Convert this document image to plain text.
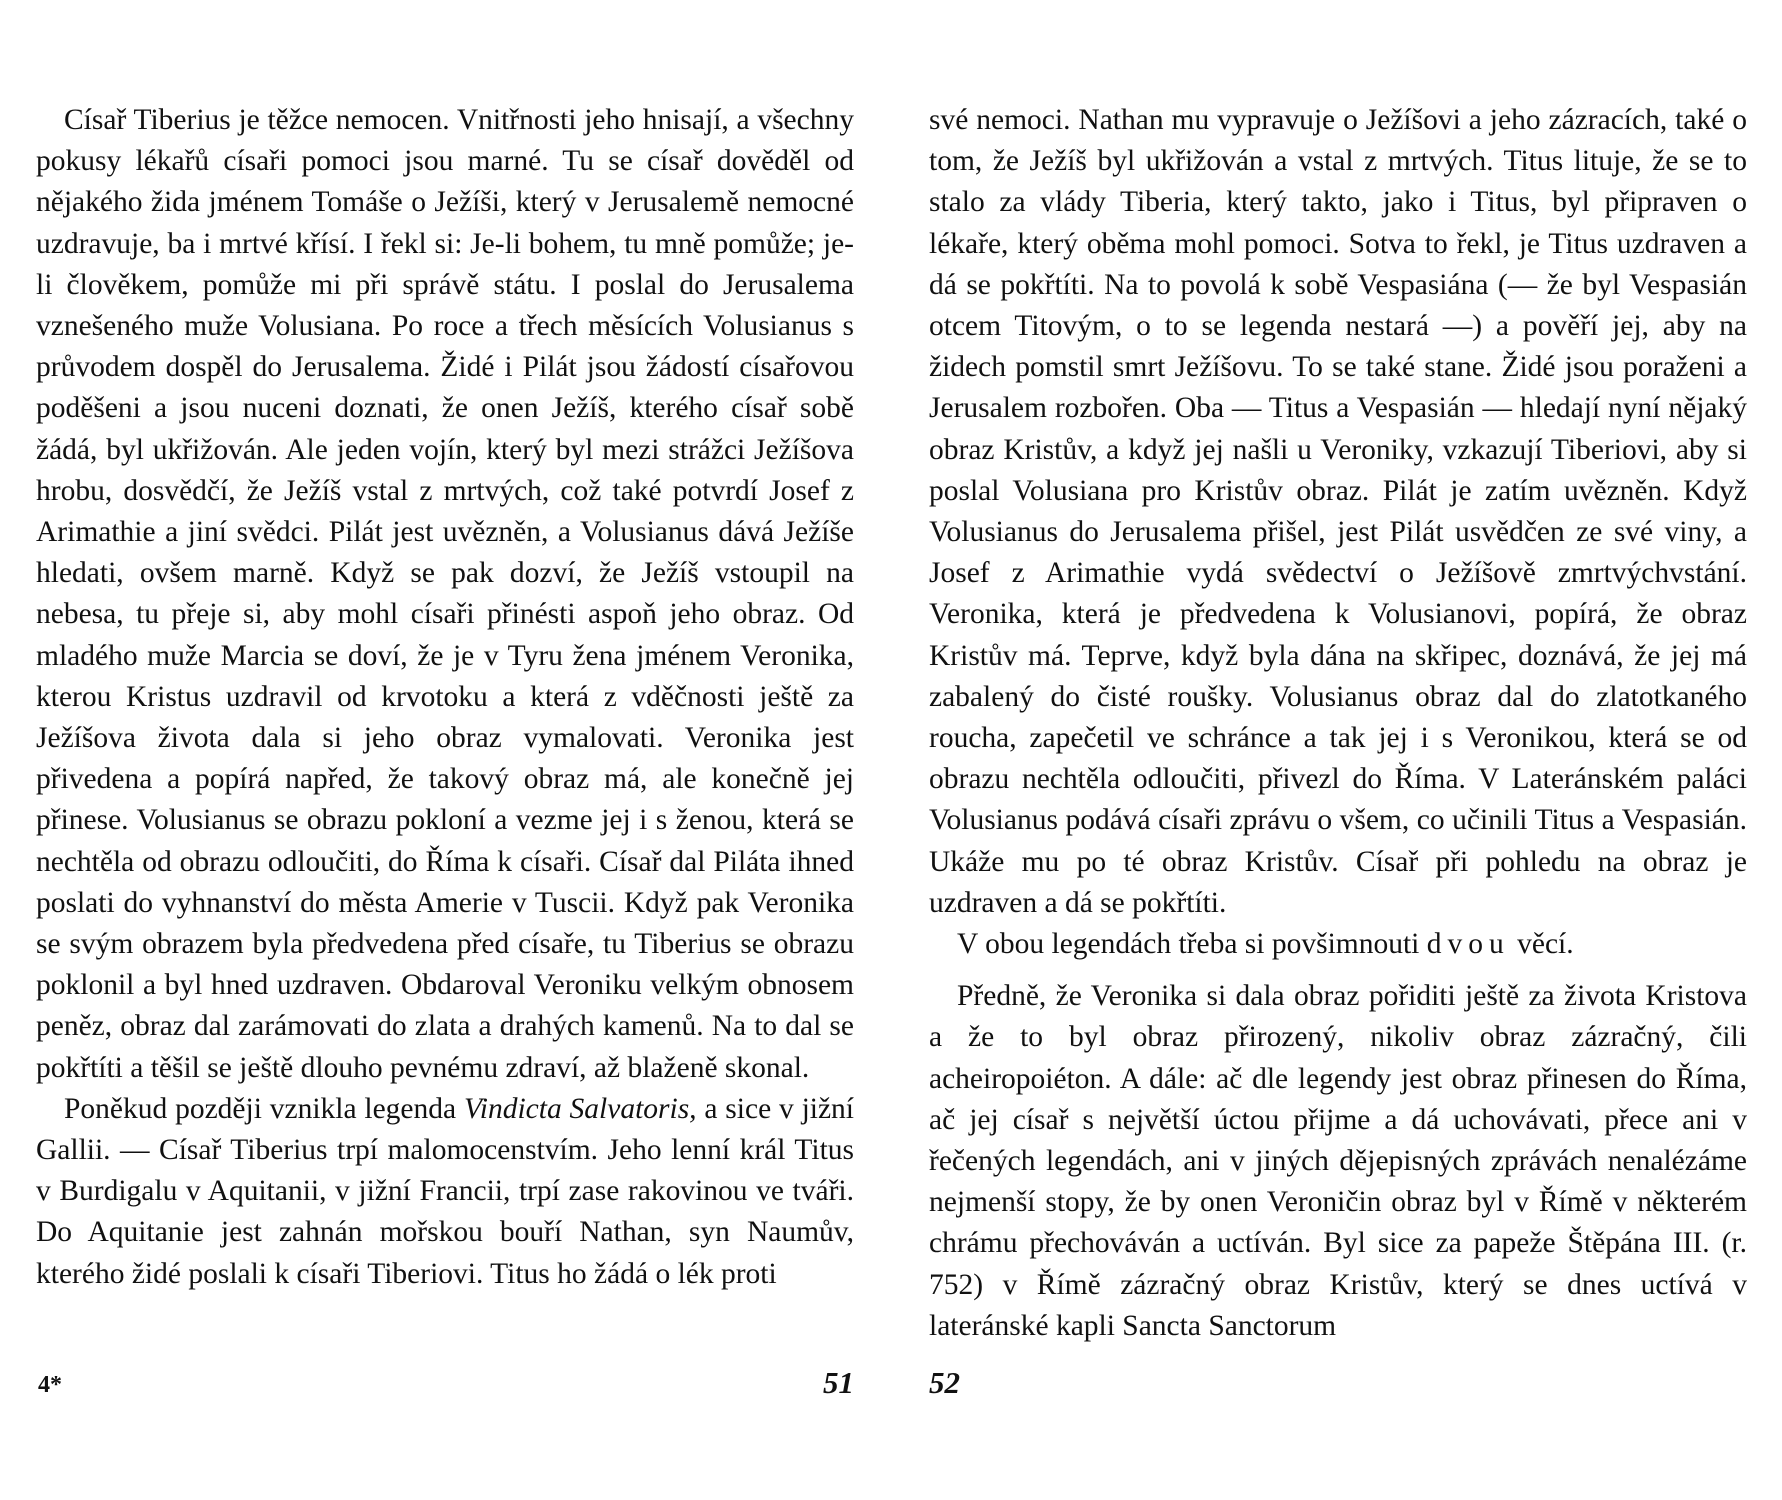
Císař Tiberius je těžce nemocen. Vnitřnosti jeho hnisají, a všechny pokusy lékařů císaři pomoci jsou marné. Tu se císař dověděl od nějakého žida jménem Tomáše o Ježíši, který v Jerusalemě nemocné uzdravuje, ba i mrtvé křísí. I řekl si: Je-li bohem, tu mně pomůže; je-li člověkem, pomůže mi při správě státu. I poslal do Jerusalema vznešeného muže Volusiana. Po roce a třech měsících Volusianus s průvodem dospěl do Jerusalema. Židé i Pilát jsou žádostí císařovou poděšeni a jsou nuceni doznati, že onen Ježíš, kterého císař sobě žádá, byl ukřižován. Ale jeden vojín, který byl mezi strážci Ježíšova hrobu, dosvědčí, že Ježíš vstal z mrtvých, což také potvrdí Josef z Arimathie a jiní svědci. Pilát jest uvězněn, a Volusianus dává Ježíše hledati, ovšem marně. Když se pak dozví, že Ježíš vstoupil na nebesa, tu přeje si, aby mohl císaři přinésti aspoň jeho obraz. Od mladého muže Marcia se doví, že je v Tyru žena jménem Veronika, kterou Kristus uzdravil od krvotoku a která z vděčnosti ještě za Ježíšova života dala si jeho obraz vymalovati. Veronika jest přivedena a popírá napřed, že takový obraz má, ale konečně jej přinese. Volusianus se obrazu pokloní a vezme jej i s ženou, která se nechtěla od obrazu odloučiti, do Říma k císaři. Císař dal Piláta ihned poslati do vyhnanství do města Amerie v Tuscii. Když pak Veronika se svým obrazem byla předvedena před císaře, tu Tiberius se obrazu poklonil a byl hned uzdraven. Obdaroval Veroniku velkým obnosem peněz, obraz dal zarámovati do zlata a drahých kamenů. Na to dal se pokřtíti a těšil se ještě dlouho pevnému zdraví, až blaženě skonal.

Poněkud později vznikla legenda Vindicta Salvatoris, a sice v jižní Gallii. — Císař Tiberius trpí malomocenstvím. Jeho lenní král Titus v Burdigalu v Aquitanii, v jižní Francii, trpí zase rakovinou ve tváři. Do Aquitanie jest zahnán mořskou bouří Nathan, syn Naumův, kterého židé poslali k císaři Tiberiovi. Titus ho žádá o lék proti

4*	51

své nemoci. Nathan mu vypravuje o Ježíšovi a jeho zázracích, také o tom, že Ježíš byl ukřižován a vstal z mrtvých. Titus lituje, že se to stalo za vlády Tiberia, který takto, jako i Titus, byl připraven o lékaře, který oběma mohl pomoci. Sotva to řekl, je Titus uzdraven a dá se pokřtíti. Na to povolá k sobě Vespasiána (— že byl Vespasián otcem Titovým, o to se legenda nestará —) a pověří jej, aby na židech pomstil smrt Ježíšovu. To se také stane. Židé jsou poraženi a Jerusalem rozbořen. Oba — Titus a Vespasián — hledají nyní nějaký obraz Kristův, a když jej našli u Veroniky, vzkazují Tiberiovi, aby si poslal Volusiana pro Kristův obraz. Pilát je zatím uvězněn. Když Volusianus do Jerusalema přišel, jest Pilát usvědčen ze své viny, a Josef z Arimathie vydá svědectví o Ježíšově zmrtvýchvstání. Veronika, která je předvedena k Volusianovi, popírá, že obraz Kristův má. Teprve, když byla dána na skřipec, doznává, že jej má zabalený do čisté roušky. Volusianus obraz dal do zlatotkaného roucha, zapečetil ve schránce a tak jej i s Veronikou, která se od obrazu nechtěla odloučiti, přivezl do Říma. V Lateránském paláci Volusianus podává císaři zprávu o všem, co učinili Titus a Vespasián. Ukáže mu po té obraz Kristův. Císař při pohledu na obraz je uzdraven a dá se pokřtíti.

V obou legendách třeba si povšimnouti dvou věcí.

Předně, že Veronika si dala obraz pořiditi ještě za života Kristova a že to byl obraz přirozený, nikoliv obraz zázračný, čili acheiropoiéton. A dále: ač dle legendy jest obraz přinesen do Říma, ač jej císař s největší úctou přijme a dá uchovávati, přece ani v řečených legendách, ani v jiných dějepisných zprávách nenalézáme nejmenší stopy, že by onen Veroničin obraz byl v Římě v některém chrámu přechováván a uctíván. Byl sice za papeže Štěpána III. (r. 752) v Římě zázračný obraz Kristův, který se dnes uctívá v lateránské kapli Sancta Sanctorum

52
